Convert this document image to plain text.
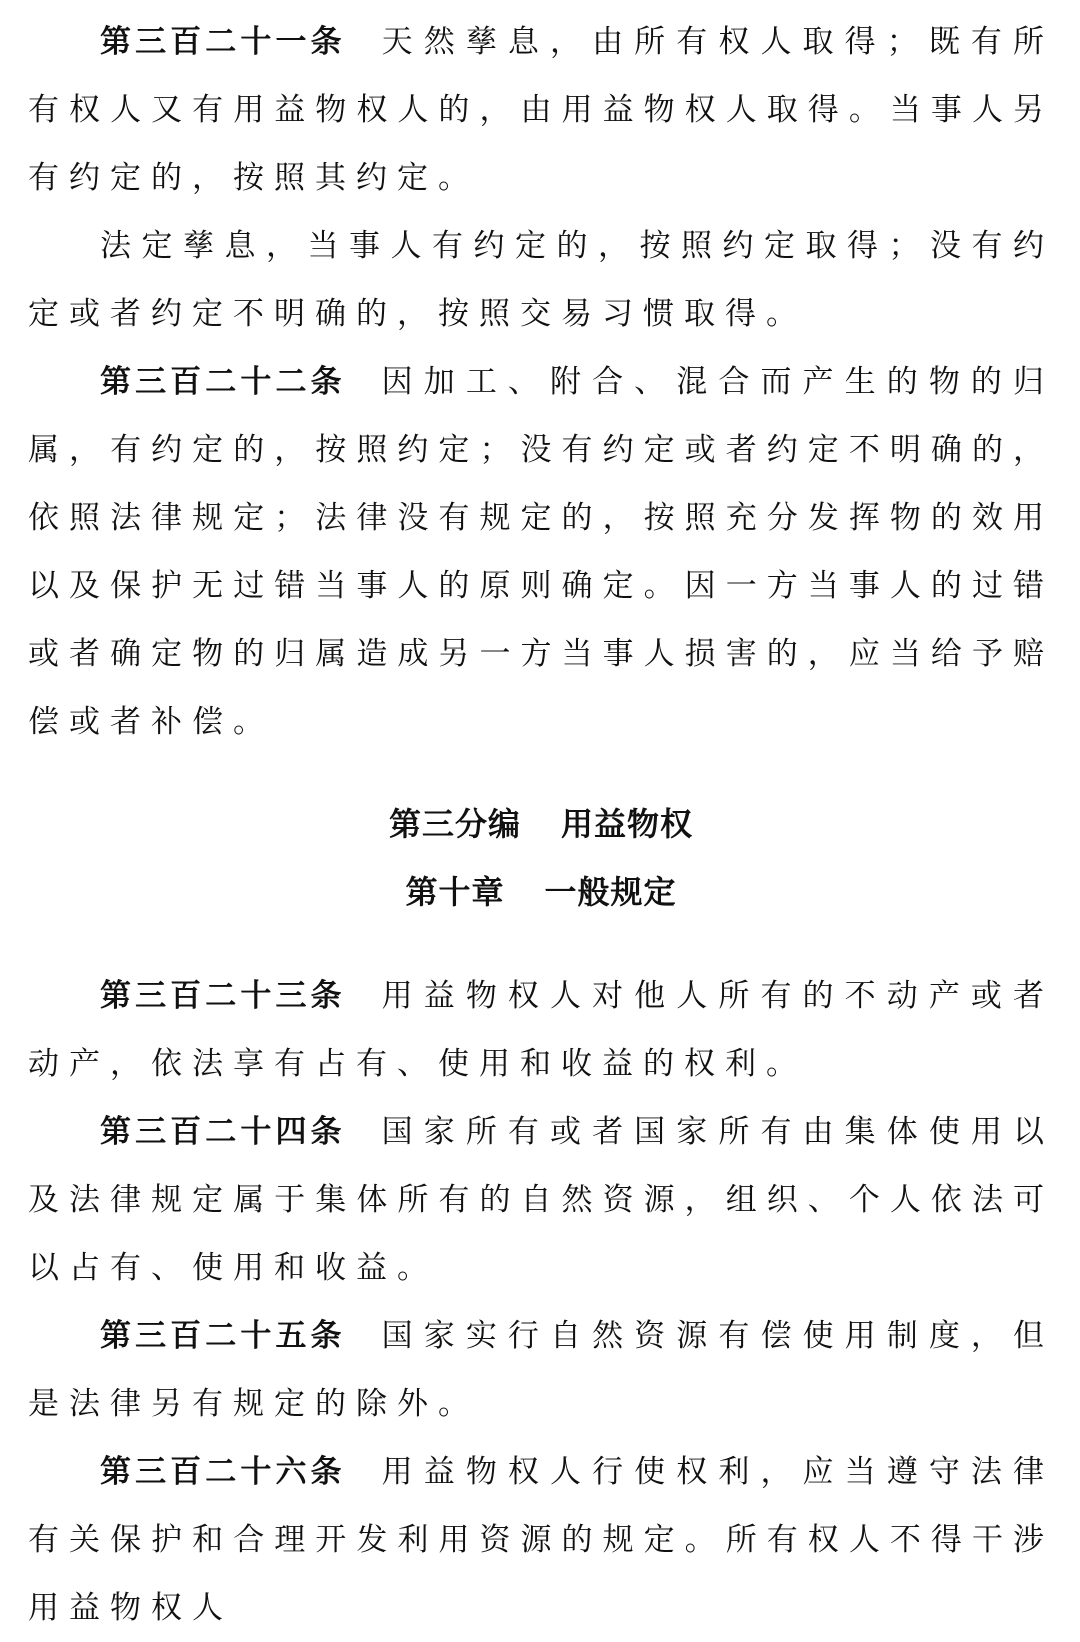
第三百二十一条 天然孳息，由所有权人取得；既有所有权人又有用益物权人的，由用益物权人取得。当事人另有约定的，按照其约定。

法定孳息，当事人有约定的，按照约定取得；没有约定或者约定不明确的，按照交易习惯取得。

第三百二十二条 因加工、附合、混合而产生的物的归属，有约定的，按照约定；没有约定或者约定不明确的，依照法律规定；法律没有规定的，按照充分发挥物的效用以及保护无过错当事人的原则确定。因一方当事人的过错或者确定物的归属造成另一方当事人损害的，应当给予赔偿或者补偿。

第三分编 用益物权
第十章 一般规定

第三百二十三条 用益物权人对他人所有的不动产或者动产，依法享有占有、使用和收益的权利。

第三百二十四条 国家所有或者国家所有由集体使用以及法律规定属于集体所有的自然资源，组织、个人依法可以占有、使用和收益。

第三百二十五条 国家实行自然资源有偿使用制度，但是法律另有规定的除外。

第三百二十六条 用益物权人行使权利，应当遵守法律有关保护和合理开发利用资源的规定。所有权人不得干涉用益物权人
